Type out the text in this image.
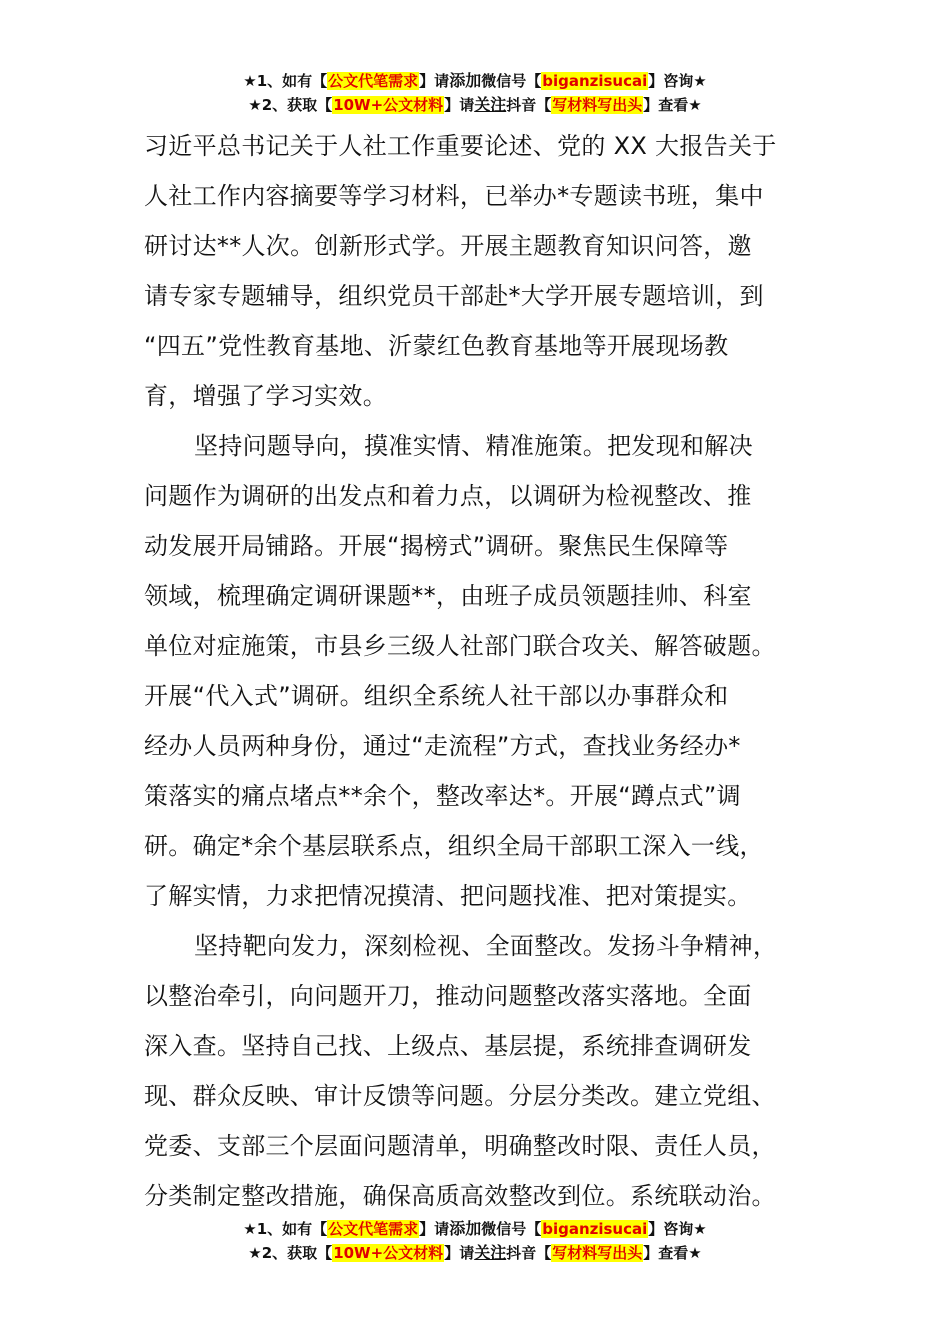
★1、如有【公文代笔需求】请添加微信号【biganzisucai】咨询★
★2、获取【10W+公文材料】请关注抖音【写材料写出头】查看★
习近平总书记关于人社工作重要论述、党的 XX 大报告关于
人社工作内容摘要等学习材料，已举办*专题读书班，集中
研讨达**人次。创新形式学。开展主题教育知识问答，邀
请专家专题辅导，组织党员干部赴*大学开展专题培训，到
“四五”党性教育基地、沂蒙红色教育基地等开展现场教
育，增强了学习实效。
坚持问题导向，摸准实情、精准施策。把发现和解决
问题作为调研的出发点和着力点，以调研为检视整改、推
动发展开局铺路。开展“揭榜式”调研。聚焦民生保障等
领域，梳理确定调研课题**，由班子成员领题挂帅、科室
单位对症施策，市县乡三级人社部门联合攻关、解答破题。
开展“代入式”调研。组织全系统人社干部以办事群众和
经办人员两种身份，通过“走流程”方式，查找业务经办*
策落实的痛点堵点**余个，整改率达*。开展“蹲点式”调
研。确定*余个基层联系点，组织全局干部职工深入一线，
了解实情，力求把情况摸清、把问题找准、把对策提实。
坚持靶向发力，深刻检视、全面整改。发扬斗争精神，
以整治牵引，向问题开刀，推动问题整改落实落地。全面
深入查。坚持自己找、上级点、基层提，系统排查调研发
现、群众反映、审计反馈等问题。分层分类改。建立党组、
党委、支部三个层面问题清单，明确整改时限、责任人员，
分类制定整改措施，确保高质高效整改到位。系统联动治。
★1、如有【公文代笔需求】请添加微信号【biganzisucai】咨询★
★2、获取【10W+公文材料】请关注抖音【写材料写出头】查看★
